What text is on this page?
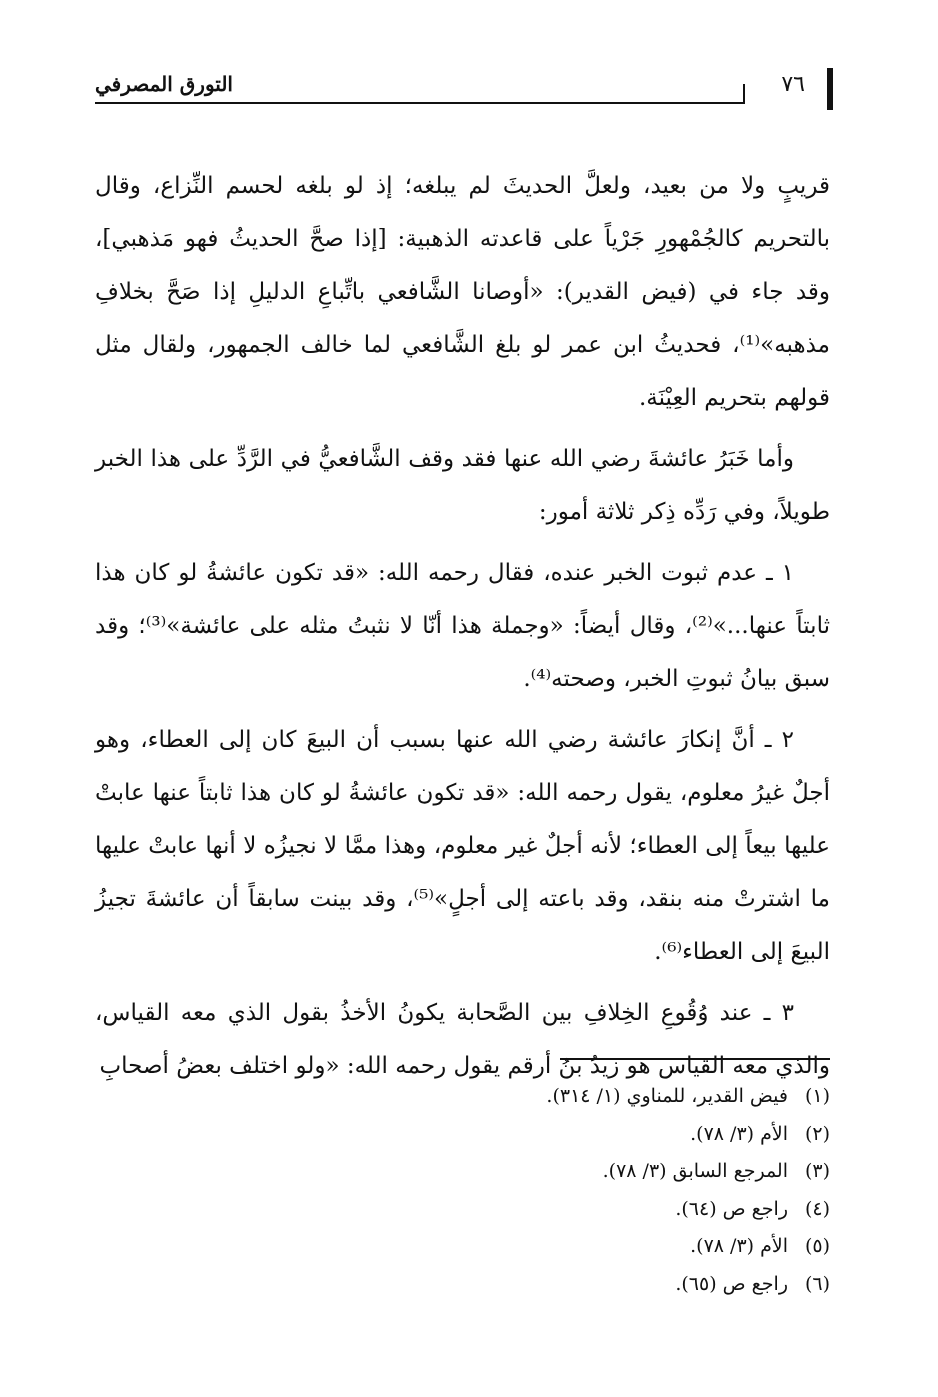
التورق المصرفي	٧٦

قريبٍ ولا من بعيد، ولعلَّ الحديثَ لم يبلغه؛ إذ لو بلغه لحسم النِّزاع، وقال بالتحريم كالجُمْهورِ جَرْياً على قاعدته الذهبية: [إذا صحَّ الحديثُ فهو مَذهبي]، وقد جاء في (فيض القدير): «أوصانا الشَّافعي باتِّباعِ الدليلِ إذا صَحَّ بخلافِ مذهبه»⁽¹⁾، فحديثُ ابن عمر لو بلغ الشَّافعي لما خالف الجمهور، ولقال مثل قولهم بتحريم العِيْنَة.

وأما خَبَرُ عائشةَ رضي الله عنها فقد وقف الشَّافعيُّ في الرَّدِّ على هذا الخبر طويلاً، وفي رَدِّه ذِكر ثلاثة أمور:

١ ـ عدم ثبوت الخبر عنده، فقال رحمه الله: «قد تكون عائشةُ لو كان هذا ثابتاً عنها...»⁽²⁾، وقال أيضاً: «وجملة هذا أنّا لا نثبتُ مثله على عائشة»⁽³⁾؛ وقد سبق بيانُ ثبوتِ الخبر، وصحته⁽⁴⁾.

٢ ـ أنَّ إنكارَ عائشة رضي الله عنها بسبب أن البيعَ كان إلى العطاء، وهو أجلٌ غيرُ معلوم، يقول رحمه الله: «قد تكون عائشةُ لو كان هذا ثابتاً عنها عابتْ عليها بيعاً إلى العطاء؛ لأنه أجلٌ غير معلوم، وهذا ممَّا لا نجيزُه لا أنها عابتْ عليها ما اشترتْ منه بنقد، وقد باعته إلى أجلٍ»⁽⁵⁾، وقد بينت سابقاً أن عائشةَ تجيزُ البيعَ إلى العطاء⁽⁶⁾.

٣ ـ عند وُقُوعِ الخِلافِ بين الصَّحابة يكونُ الأخذُ بقول الذي معه القياس، والذي معه القياس هو زيدُ بنُ أرقم يقول رحمه الله: «ولو اختلف بعضُ أصحابِ

(١)
فيض القدير، للمناوي (١/ ٣١٤).
(٢)
الأم (٣/ ٧٨).
(٣)
المرجع السابق (٣/ ٧٨).
(٤)
راجع ص (٦٤).
(٥)
الأم (٣/ ٧٨).
(٦)
راجع ص (٦٥).
